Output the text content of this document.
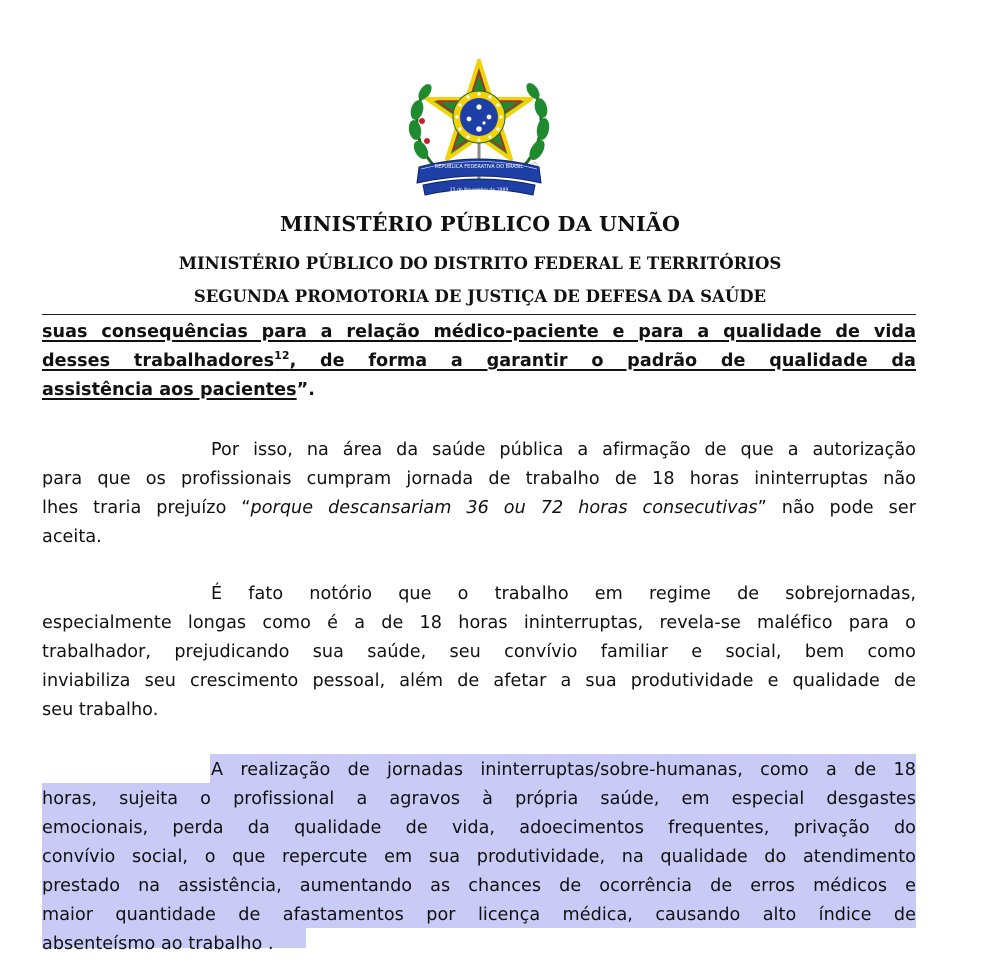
REPUBLICA FEDERATIVA DO BRASIL
15 de Novembro de 1889
MINISTÉRIO PÚBLICO DA UNIÃO
MINISTÉRIO PÚBLICO DO DISTRITO FEDERAL E TERRITÓRIOS
SEGUNDA PROMOTORIA DE JUSTIÇA DE DEFESA DA SAÚDE
suas consequências para a relação médico-paciente e para a qualidade de vida
desses trabalhadores$^{12}$, de forma a garantir o padrão de qualidade da
assistência aos pacientes”.
Por isso, na área da saúde pública a afirmação de que a autorização
para que os profissionais cumpram jornada de trabalho de 18 horas ininterruptas não
lhes traria prejuízo “porque descansariam 36 ou 72 horas consecutivas” não pode ser
aceita.
É fato notório que o trabalho em regime de sobrejornadas,
especialmente longas como é a de 18 horas ininterruptas, revela-se maléfico para o
trabalhador, prejudicando sua saúde, seu convívio familiar e social, bem como
inviabiliza seu crescimento pessoal, além de afetar a sua produtividade e qualidade de
seu trabalho.
A realização de jornadas ininterruptas/sobre-humanas, como a de 18
horas, sujeita o profissional a agravos à própria saúde, em especial desgastes
emocionais, perda da qualidade de vida, adoecimentos frequentes, privação do
convívio social, o que repercute em sua produtividade, na qualidade do atendimento
prestado na assistência, aumentando as chances de ocorrência de erros médicos e
maior quantidade de afastamentos por licença médica, causando alto índice de
absenteísmo ao trabalho .
